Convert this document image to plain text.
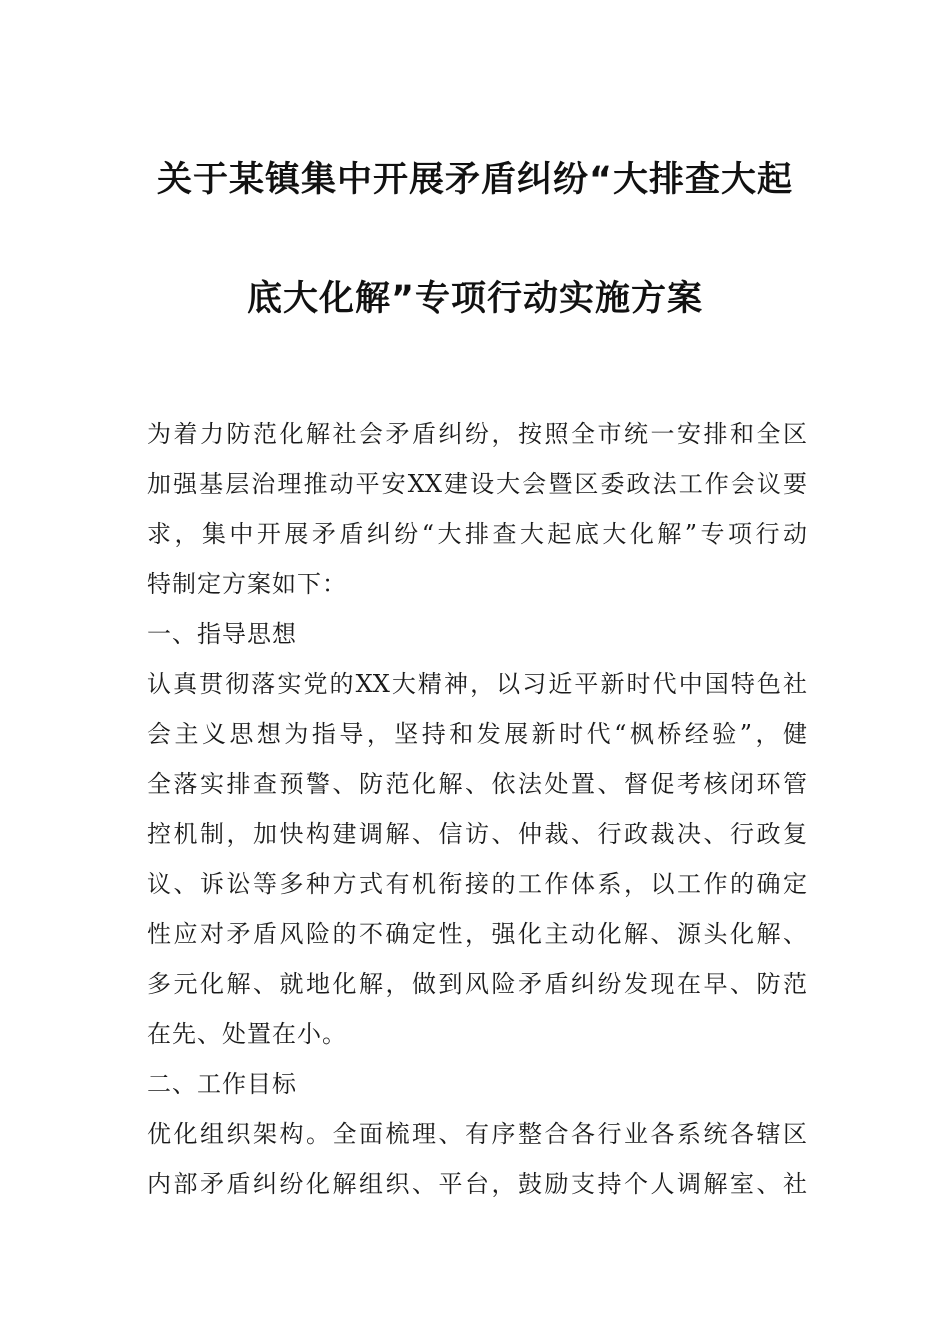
关于某镇集中开展矛盾纠纷“大排查大起
底大化解”专项行动实施方案
为着力防范化解社会矛盾纠纷，按照全市统一安排和全区
加强基层治理推动平安XX建设大会暨区委政法工作会议要
求，集中开展矛盾纠纷“大排查大起底大化解”专项行动
特制定方案如下：
一、指导思想
认真贯彻落实党的XX大精神，以习近平新时代中国特色社
会主义思想为指导，坚持和发展新时代“枫桥经验”，健
全落实排查预警、防范化解、依法处置、督促考核闭环管
控机制，加快构建调解、信访、仲裁、行政裁决、行政复
议、诉讼等多种方式有机衔接的工作体系，以工作的确定
性应对矛盾风险的不确定性，强化主动化解、源头化解、
多元化解、就地化解，做到风险矛盾纠纷发现在早、防范
在先、处置在小。
二、工作目标
优化组织架构。全面梳理、有序整合各行业各系统各辖区
内部矛盾纠纷化解组织、平台，鼓励支持个人调解室、社
